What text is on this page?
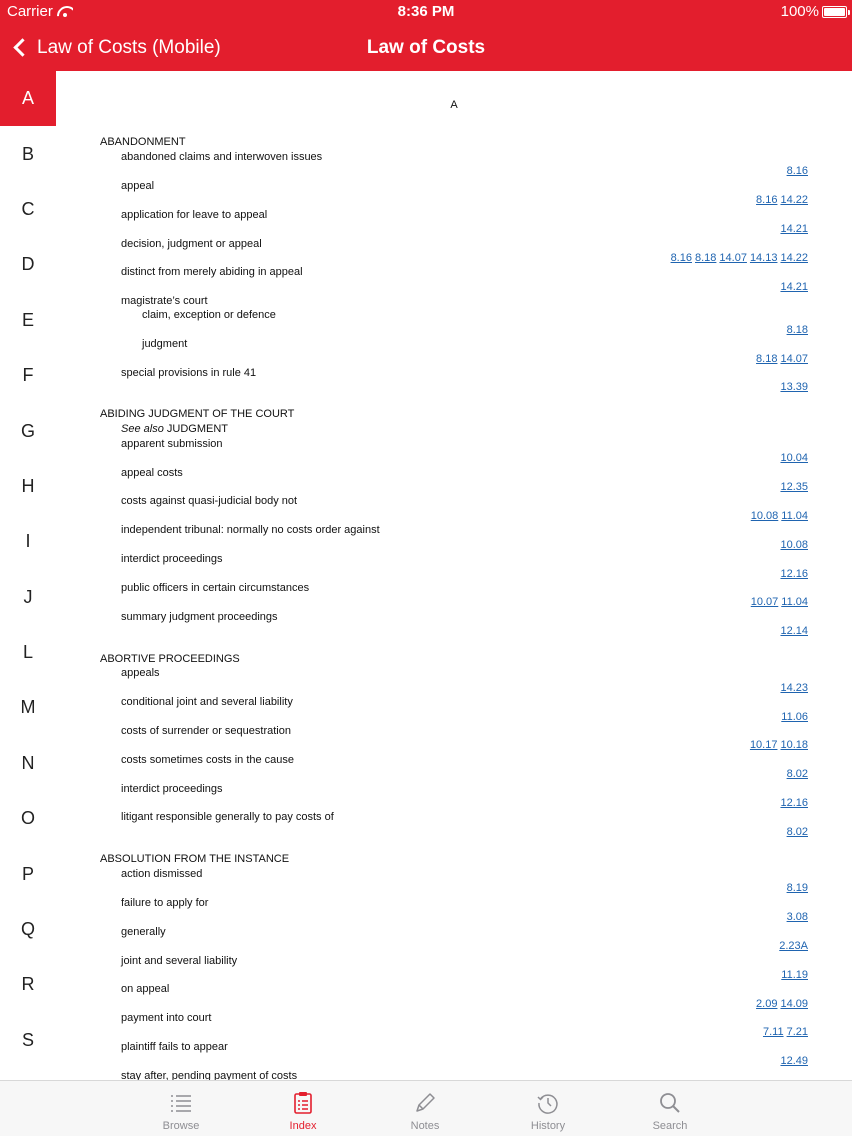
Carrier	8:36 PM	100%
Law of Costs (Mobile)	Law of Costs
A
B
C
D
E
F
G
H
I
J
L
M
N
O
P
Q
R
S
A
ABANDONMENT
abandoned claims and interwoven issues
8.16
appeal
8.16 14.22
application for leave to appeal
14.21
decision, judgment or appeal
8.16 8.18 14.07 14.13 14.22
distinct from merely abiding in appeal
14.21
magistrate’s court
claim, exception or defence
8.18
judgment
8.18 14.07
special provisions in rule 41
13.39
ABIDING JUDGMENT OF THE COURT
See also JUDGMENT
apparent submission
10.04
appeal costs
12.35
costs against quasi-judicial body not
10.08 11.04
independent tribunal: normally no costs order against
10.08
interdict proceedings
12.16
public officers in certain circumstances
10.07 11.04
summary judgment proceedings
12.14
ABORTIVE PROCEEDINGS
appeals
14.23
conditional joint and several liability
11.06
costs of surrender or sequestration
10.17 10.18
costs sometimes costs in the cause
8.02
interdict proceedings
12.16
litigant responsible generally to pay costs of
8.02
ABSOLUTION FROM THE INSTANCE
action dismissed
8.19
failure to apply for
3.08
generally
2.23A
joint and several liability
11.19
on appeal
2.09 14.09
payment into court
7.11 7.21
plaintiff fails to appear
12.49
stay after, pending payment of costs
Browse	Index	Notes	History	Search
